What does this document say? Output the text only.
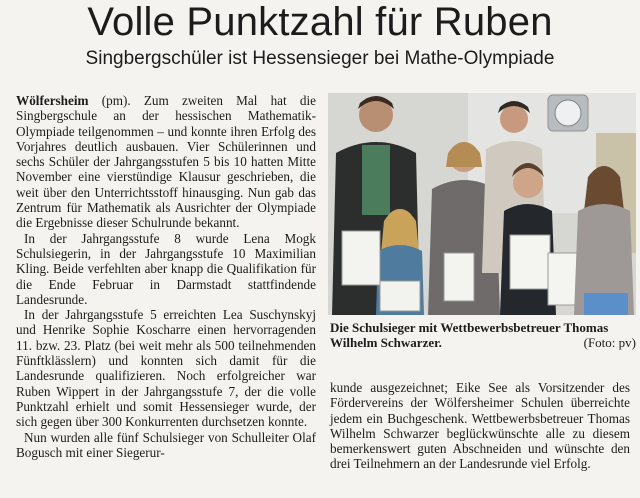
Volle Punktzahl für Ruben
Singbergschüler ist Hessensieger bei Mathe-Olympiade

Wölfersheim (pm). Zum zweiten Mal hat die Singbergschule an der hessischen Mathematik-Olympiade teilgenommen – und konnte ihren Erfolg des Vorjahres deutlich ausbauen. Vier Schülerinnen und sechs Schüler der Jahrgangsstufen 5 bis 10 hatten Mitte November eine vierstündige Klausur geschrieben, die weit über den Unterrichtsstoff hinausging. Nun gab das Zentrum für Mathematik als Ausrichter der Olympiade die Ergebnisse dieser Schulrunde bekannt.

In der Jahrgangsstufe 8 wurde Lena Mogk Schulsiegerin, in der Jahrgangsstufe 10 Maximilian Kling. Beide verfehlten aber knapp die Qualifikation für die Ende Februar in Darmstadt stattfindende Landesrunde.

In der Jahrgangsstufe 5 erreichten Lea Suschynskyj und Henrike Sophie Koscharre einen hervorragenden 11. bzw. 23. Platz (bei weit mehr als 500 teilnehmenden Fünftklässlern) und konnten sich damit für die Landesrunde qualifizieren. Noch erfolgreicher war Ruben Wippert in der Jahrgangsstufe 7, der die volle Punktzahl erhielt und somit Hessensieger wurde, der sich gegen über 300 Konkurrenten durchsetzen konnte.

Nun wurden alle fünf Schulsieger von Schulleiter Olaf Bogusch mit einer Siegerur-

Die Schulsieger mit Wettbewerbsbetreuer Thomas Wilhelm Schwarzer.	(Foto: pv)

kunde ausgezeichnet; Eike See als Vorsitzender des Fördervereins der Wölfersheimer Schulen überreichte jedem ein Buchgeschenk. Wettbewerbsbetreuer Thomas Wilhelm Schwarzer beglückwünschte alle zu diesem bemerkenswert guten Abschneiden und wünschte den drei Teilnehmern an der Landesrunde viel Erfolg.
